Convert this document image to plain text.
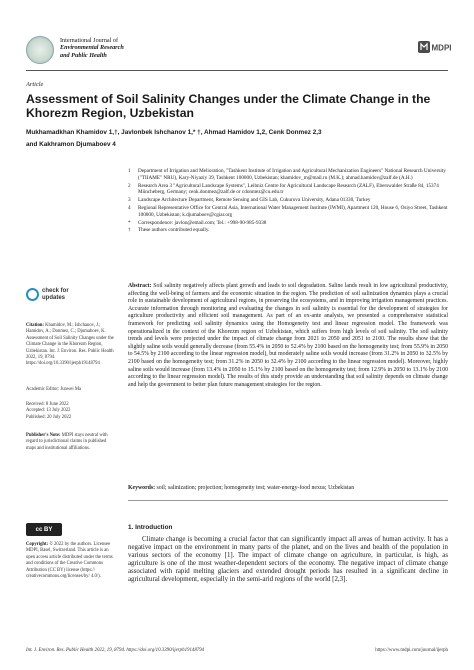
International Journal of
Environmental Research
and Public Health
MDPI
Article
Assessment of Soil Salinity Changes under the Climate Change in the Khorezm Region, Uzbekistan
Mukhamadkhan Khamidov 1,†, Javlonbek Ishchanov 1,* †, Ahmad Hamidov 1,2, Cenk Donmez 2,3
and Kakhramon Djumaboev 4
1	Department of Irrigation and Melioration, "Tashkent Institute of Irrigation and Agricultural Mechanization Engineers" National Research University ("TIIAME" NRU), Kary-Niyaziy 39, Tashkent 100000, Uzbekistan; khamidov_m@mail.ru (M.K.); ahmad.hamidov@zalf.de (A.H.)
2	Research Area 3 "Agricultural Landscape Systems", Leibniz Centre for Agricultural Landscape Research (ZALF), Eberswalder Straße 84, 15374 Müncheberg, Germany; cenk.donmez@zalf.de or cdonmez@cu.edu.tr
3	Landscape Architecture Department, Remote Sensing and GIS Lab, Cukurova University, Adana 01330, Turkey
4	Regional Representative Office for Central Asia, International Water Management Institute (IWMI), Apartment 120, House 6, Osiyo Street, Tashkent 100000, Uzbekistan; k.djumaboev@cgiar.org
*	Correspondence: javlon@email.com; Tel.: +998-90-985-9338
†	These authors contributed equally.
check for
updates
Citation: Khamidov, M.; Ishchanov, J.; Hamidov, A.; Donmez, C.; Djumaboev, K. Assessment of Soil Salinity Changes under the Climate Change in the Khorezm Region, Uzbekistan. Int. J. Environ. Res. Public Health 2022, 19, 8794. https://doi.org/10.3390/ijerph19148794
Academic Editor: Junwei Ma
Received: 8 June 2022
Accepted: 13 July 2022
Published: 20 July 2022
Publisher's Note: MDPI stays neutral with regard to jurisdictional claims in published maps and institutional affiliations.
cc BY
Copyright: © 2022 by the authors. Licensee MDPI, Basel, Switzerland. This article is an open access article distributed under the terms and conditions of the Creative Commons Attribution (CC BY) license (https:// creativecommons.org/licenses/by/ 4.0/).
Abstract: Soil salinity negatively affects plant growth and leads to soil degradation. Saline lands result in low agricultural productivity, affecting the well-being of farmers and the economic situation in the region. The prediction of soil salinization dynamics plays a crucial role in sustainable development of agricultural regions, in preserving the ecosystems, and in improving irrigation management practices. Accurate information through monitoring and evaluating the changes in soil salinity is essential for the development of strategies for agriculture productivity and efficient soil management. As part of an ex-ante analysis, we presented a comprehensive statistical framework for predicting soil salinity dynamics using the Homogeneity test and linear regression model. The framework was operationalized in the context of the Khorezm region of Uzbekistan, which suffers from high levels of soil salinity. The soil salinity trends and levels were projected under the impact of climate change from 2021 to 2050 and 2051 to 2100. The results show that the slightly saline soils would generally decrease (from 55.4% in 2050 to 52.4% by 2100 based on the homogeneity test; from 55.9% in 2050 to 54.5% by 2100 according to the linear regression model), but moderately saline soils would increase (from 31.2% in 2050 to 32.5% by 2100 based on the homogeneity test; from 31.2% in 2050 to 32.4% by 2100 according to the linear regression model). Moreover, highly saline soils would increase (from 13.4% in 2050 to 15.1% by 2100 based on the homogeneity test; from 12.9% in 2050 to 13.1% by 2100 according to the linear regression model). The results of this study provide an understanding that soil salinity depends on climate change and help the government to better plan future management strategies for the region.
Keywords: soil; salinization; projection; homogeneity test; water-energy-food nexus; Uzbekistan
1. Introduction
Climate change is becoming a crucial factor that can significantly impact all areas of human activity. It has a negative impact on the environment in many parts of the planet, and on the lives and health of the population in various sectors of the economy [1]. The impact of climate change on agriculture, in particular, is high, as agriculture is one of the most weather-dependent sectors of the economy. The negative impact of climate change associated with rapid melting glaciers and extended drought periods has resulted in a significant decline in agricultural development, especially in the semi-arid regions of the world [2,3].
Int. J. Environ. Res. Public Health 2022, 19, 8794. https://doi.org/10.3390/ijerph19148794	https://www.mdpi.com/journal/ijerph
